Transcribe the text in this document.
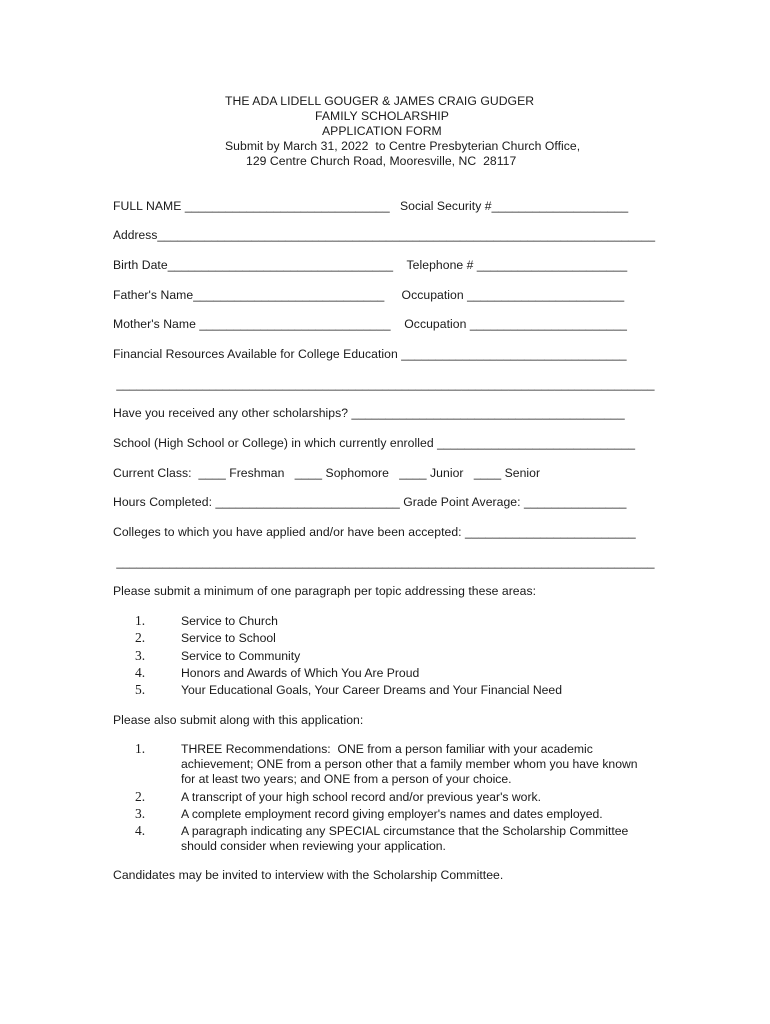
THE ADA LIDELL GOUGER & JAMES CRAIG GUDGER
FAMILY SCHOLARSHIP
APPLICATION FORM
Submit by March 31, 2022  to Centre Presbyterian Church Office,
129 Centre Church Road, Mooresville, NC  28117
FULL NAME ______________________________   Social Security #____________________
Address__________________________________________________________________________
Birth Date_________________________________    Telephone # ______________________
Father's Name____________________________     Occupation _______________________
Mother's Name ____________________________    Occupation _______________________
Financial Resources Available for College Education _________________________________
_________________________________________________________________________________
Have you received any other scholarships? ________________________________________
School (High School or College) in which currently enrolled _____________________________
Current Class:  ____ Freshman   ____ Sophomore   ____ Junior   ____ Senior
Hours Completed: ___________________________ Grade Point Average: _______________
Colleges to which you have applied and/or have been accepted: _________________________
_________________________________________________________________________________
Please submit a minimum of one paragraph per topic addressing these areas:
1.	Service to Church
2.	Service to School
3.	Service to Community
4.	Honors and Awards of Which You Are Proud
5.	Your Educational Goals, Your Career Dreams and Your Financial Need
Please also submit along with this application:
1.	THREE Recommendations:  ONE from a person familiar with your academic
achievement; ONE from a person other that a family member whom you have known
for at least two years; and ONE from a person of your choice.
2.	A transcript of your high school record and/or previous year's work.
3.	A complete employment record giving employer's names and dates employed.
4.	A paragraph indicating any SPECIAL circumstance that the Scholarship Committee
should consider when reviewing your application.
Candidates may be invited to interview with the Scholarship Committee.
